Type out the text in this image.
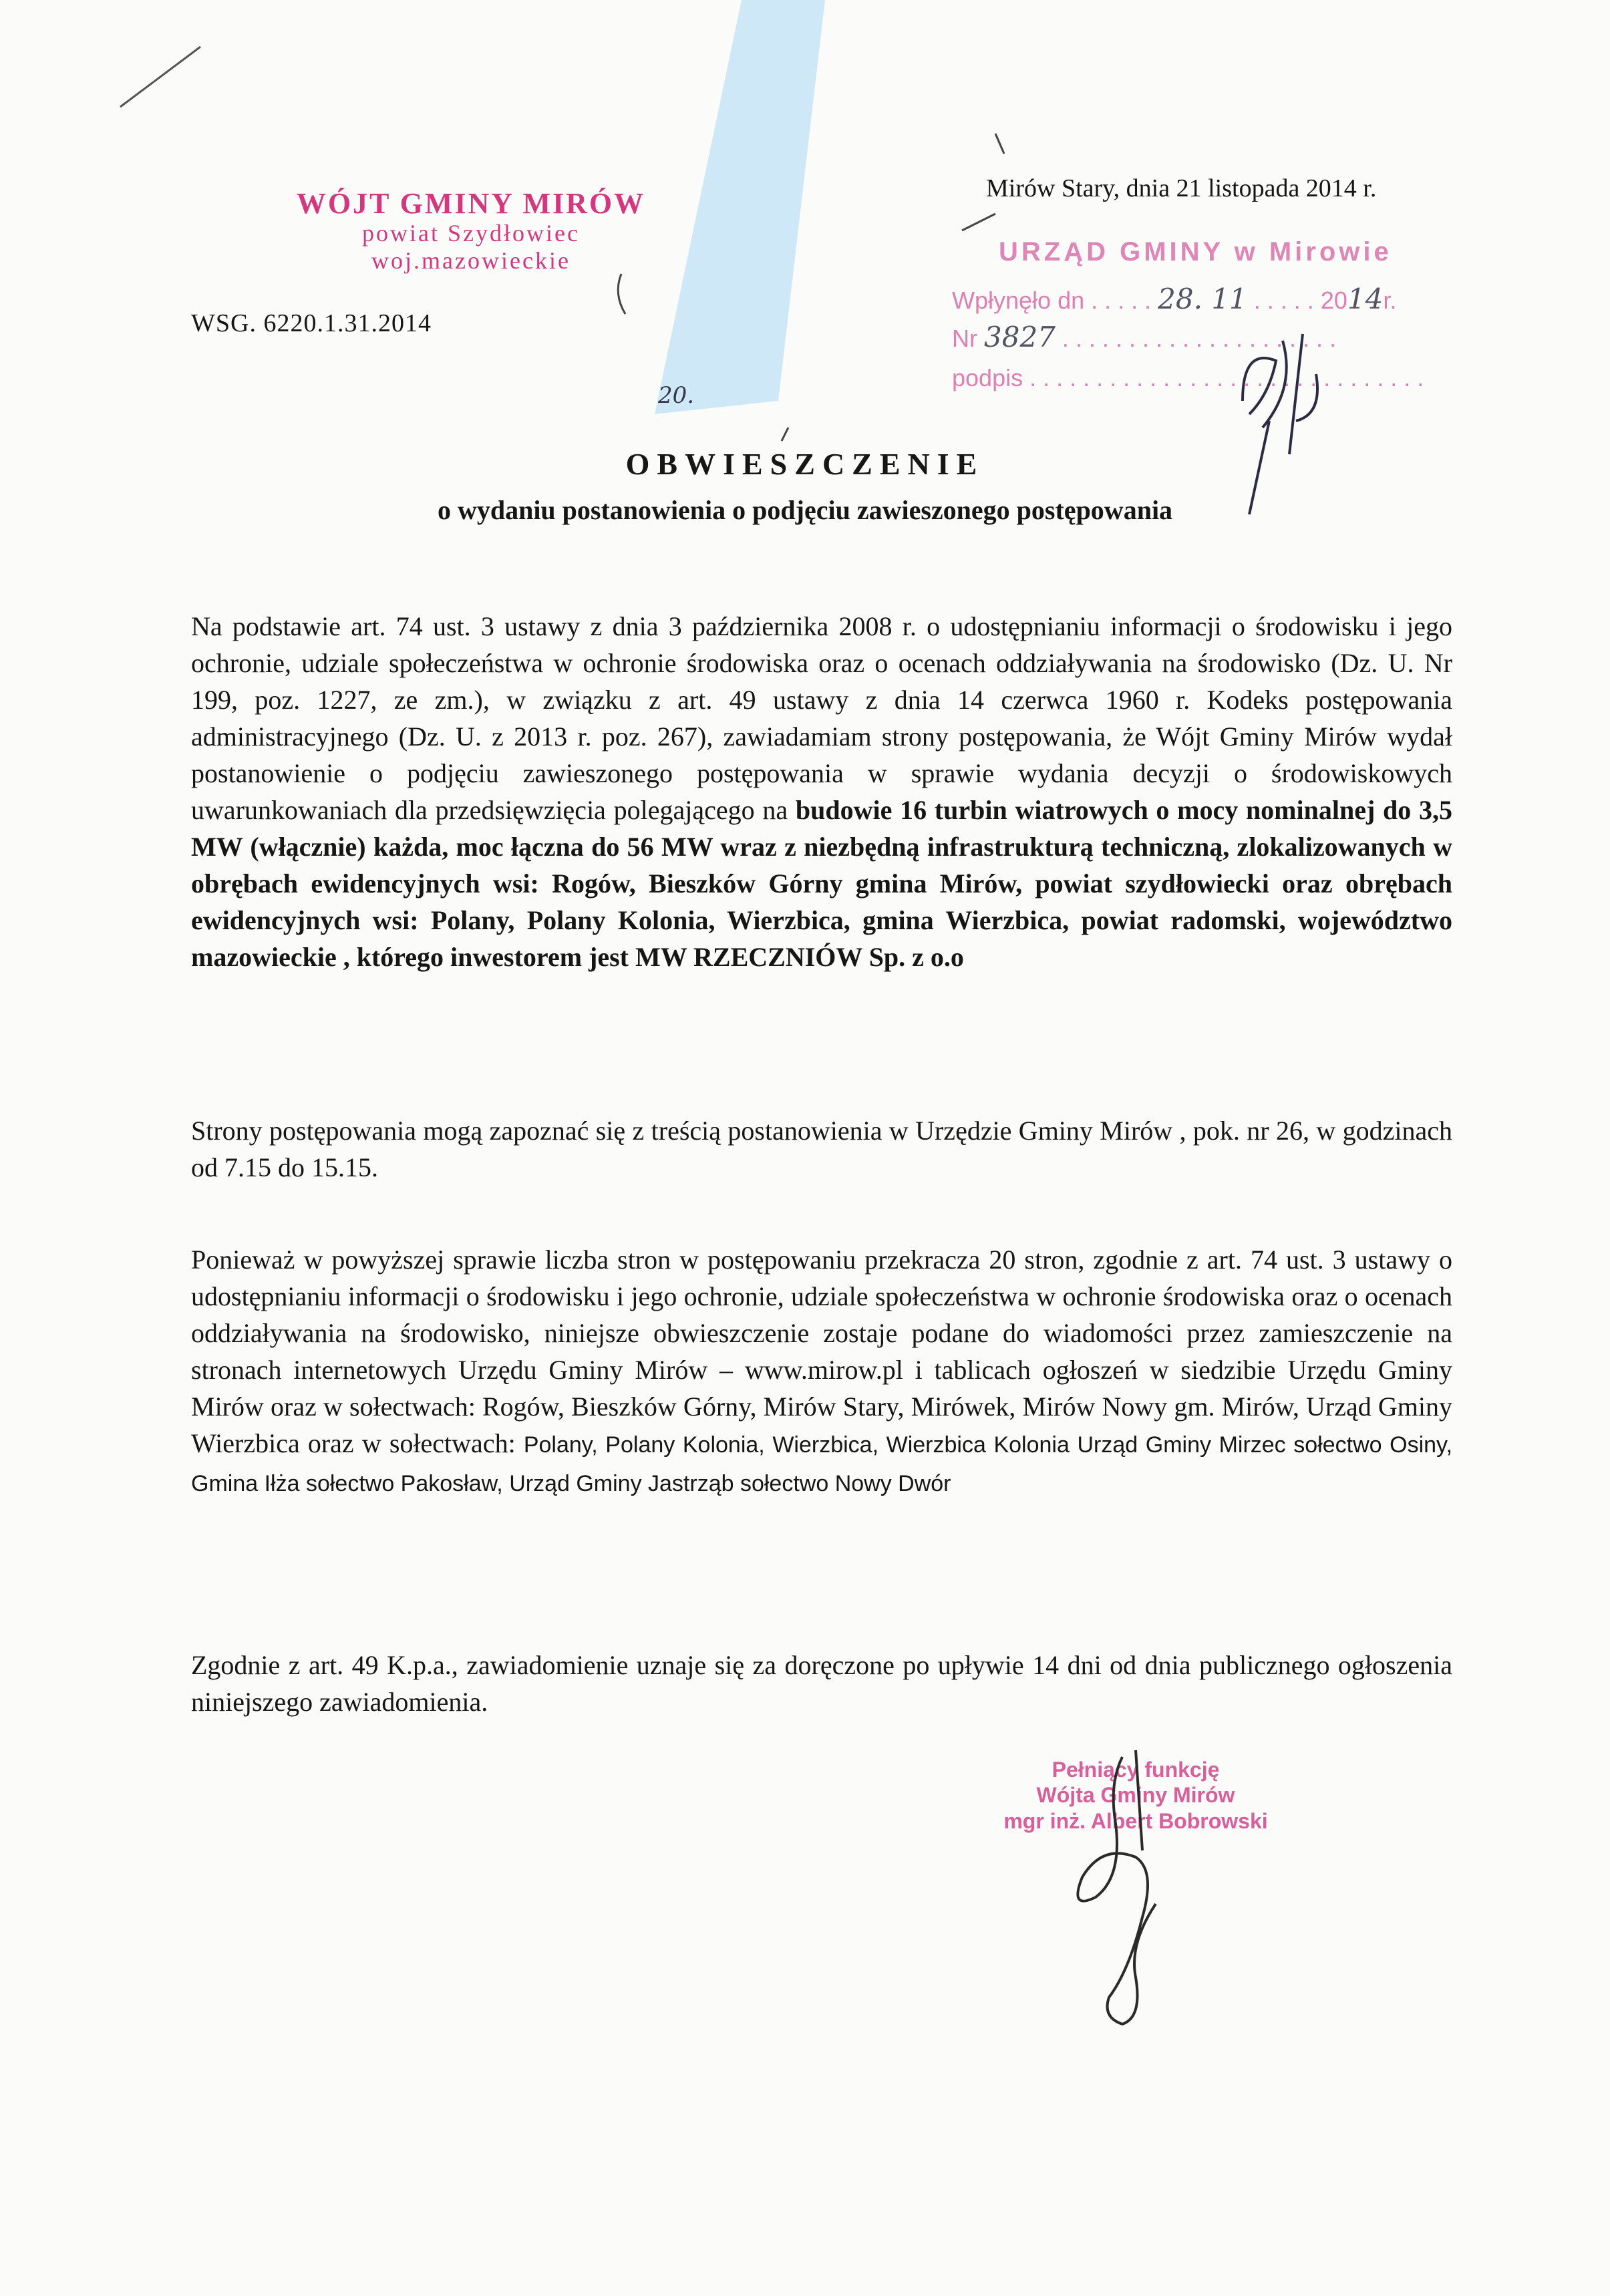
WÓJT GMINY MIRÓW
powiat Szydłowiec
woj.mazowieckie
WSG. 6220.1.31.2014
Mirów Stary, dnia 21 listopada 2014 r.
20.
URZĄD GMINY w Mirowie
Wpłynęło dn . . . . . 28. 11 . . . . . 2014r.
Nr 3827 . . . . . . . . . . . . . . . . . . . . .
podpis . . . . . . . . . . . . . . . . . . . . . . . . . . . . . .
OBWIESZCZENIE
o wydaniu postanowienia o podjęciu zawieszonego postępowania
Na podstawie art. 74 ust. 3 ustawy z dnia 3 października 2008 r. o udostępnianiu informacji o środowisku i jego ochronie, udziale społeczeństwa w ochronie środowiska oraz o ocenach oddziaływania na środowisko (Dz. U. Nr 199, poz. 1227, ze zm.), w związku z art. 49 ustawy z dnia 14 czerwca 1960 r. Kodeks postępowania administracyjnego (Dz. U. z 2013 r. poz. 267), zawiadamiam strony postępowania, że Wójt Gminy Mirów wydał postanowienie o podjęciu zawieszonego postępowania w sprawie wydania decyzji o środowiskowych uwarunkowaniach dla przedsięwzięcia polegającego na budowie 16 turbin wiatrowych o mocy nominalnej do 3,5 MW (włącznie) każda, moc łączna do 56 MW wraz z niezbędną infrastrukturą techniczną, zlokalizowanych w obrębach ewidencyjnych wsi: Rogów, Bieszków Górny gmina Mirów, powiat szydłowiecki oraz obrębach ewidencyjnych wsi: Polany, Polany Kolonia, Wierzbica, gmina Wierzbica, powiat radomski, województwo mazowieckie , którego inwestorem jest MW RZECZNIÓW Sp. z o.o
Strony postępowania mogą zapoznać się z treścią postanowienia w Urzędzie Gminy Mirów , pok. nr 26, w godzinach od 7.15 do 15.15.
Ponieważ w powyższej sprawie liczba stron w postępowaniu przekracza 20 stron, zgodnie z art. 74 ust. 3 ustawy o udostępnianiu informacji o środowisku i jego ochronie, udziale społeczeństwa w ochronie środowiska oraz o ocenach oddziaływania na środowisko, niniejsze obwieszczenie zostaje podane do wiadomości przez zamieszczenie na stronach internetowych Urzędu Gminy Mirów – www.mirow.pl i tablicach ogłoszeń w siedzibie Urzędu Gminy Mirów oraz w sołectwach: Rogów, Bieszków Górny, Mirów Stary, Mirówek, Mirów Nowy gm. Mirów, Urząd Gminy Wierzbica oraz w sołectwach: Polany, Polany Kolonia, Wierzbica, Wierzbica Kolonia Urząd Gminy Mirzec sołectwo Osiny, Gmina Iłża sołectwo Pakosław, Urząd Gminy Jastrząb sołectwo Nowy Dwór
Zgodnie z art. 49 K.p.a., zawiadomienie uznaje się za doręczone po upływie 14 dni od dnia publicznego ogłoszenia niniejszego zawiadomienia.
Pełniący funkcję
Wójta Gminy Mirów
mgr inż. Albert Bobrowski
